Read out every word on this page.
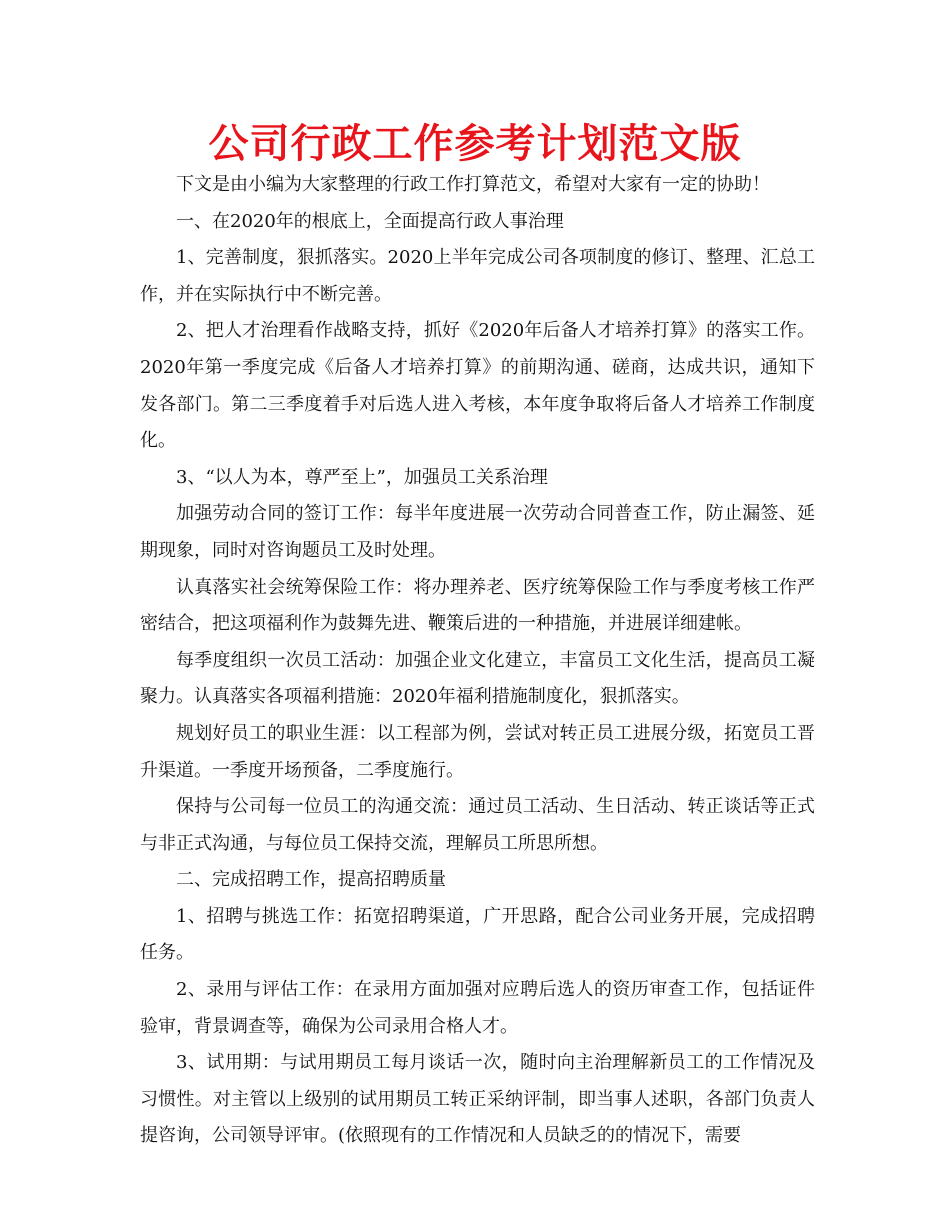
公司行政工作参考计划范文版

下文是由小编为大家整理的行政工作打算范文，希望对大家有一定的协助！

一、在2020年的根底上，全面提高行政人事治理

1、完善制度，狠抓落实。2020上半年完成公司各项制度的修订、整理、汇总工作，并在实际执行中不断完善。

2、把人才治理看作战略支持，抓好《2020年后备人才培养打算》的落实工作。2020年第一季度完成《后备人才培养打算》的前期沟通、磋商，达成共识，通知下发各部门。第二三季度着手对后选人进入考核，本年度争取将后备人才培养工作制度化。

3、“以人为本，尊严至上”，加强员工关系治理

加强劳动合同的签订工作：每半年度进展一次劳动合同普查工作，防止漏签、延期现象，同时对咨询题员工及时处理。

认真落实社会统筹保险工作：将办理养老、医疗统筹保险工作与季度考核工作严密结合，把这项福利作为鼓舞先进、鞭策后进的一种措施，并进展详细建帐。

每季度组织一次员工活动：加强企业文化建立，丰富员工文化生活，提高员工凝聚力。认真落实各项福利措施：2020年福利措施制度化，狠抓落实。

规划好员工的职业生涯：以工程部为例，尝试对转正员工进展分级，拓宽员工晋升渠道。一季度开场预备，二季度施行。

保持与公司每一位员工的沟通交流：通过员工活动、生日活动、转正谈话等正式与非正式沟通，与每位员工保持交流，理解员工所思所想。

二、完成招聘工作，提高招聘质量

1、招聘与挑选工作：拓宽招聘渠道，广开思路，配合公司业务开展，完成招聘任务。

2、录用与评估工作：在录用方面加强对应聘后选人的资历审查工作，包括证件验审，背景调查等，确保为公司录用合格人才。

3、试用期：与试用期员工每月谈话一次，随时向主治理解新员工的工作情况及习惯性。对主管以上级别的试用期员工转正采纳评制，即当事人述职，各部门负责人提咨询，公司领导评审。(依照现有的工作情况和人员缺乏的的情况下，需要
